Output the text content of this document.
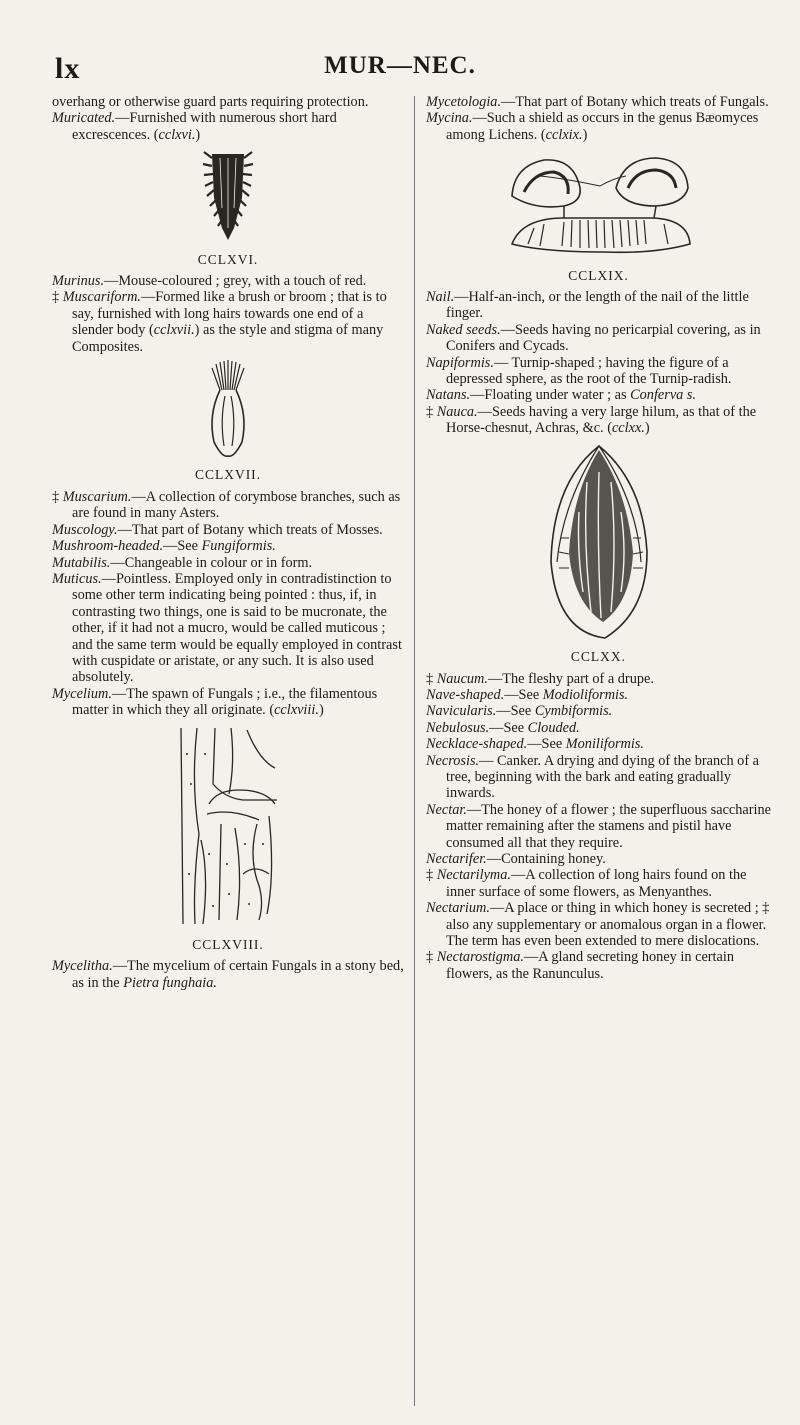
lx	MUR—NEC.

overhang or otherwise guard parts requiring protection.

Muricated.—Furnished with numerous short hard excrescences. (cclxvi.)

CCLXVI.

Murinus.—Mouse-coloured ; grey, with a touch of red.

‡ Muscariform.—Formed like a brush or broom ; that is to say, furnished with long hairs towards one end of a slender body (cclxvii.) as the style and stigma of many Composites.

CCLXVII.

‡ Muscarium.—A collection of corymbose branches, such as are found in many Asters.

Muscology.—That part of Botany which treats of Mosses.

Mushroom-headed.—See Fungiformis.

Mutabilis.—Changeable in colour or in form.

Muticus.—Pointless. Employed only in contradistinction to some other term indicating being pointed : thus, if, in contrasting two things, one is said to be mucronate, the other, if it had not a mucro, would be called muticous ; and the same term would be equally employed in contrast with cuspidate or aristate, or any such. It is also used absolutely.

Mycelium.—The spawn of Fungals ; i.e., the filamentous matter in which they all originate. (cclxviii.)

CCLXVIII.

Mycelitha.—The mycelium of certain Fungals in a stony bed, as in the Pietra funghaia.

Mycetologia.—That part of Botany which treats of Fungals.

Mycina.—Such a shield as occurs in the genus Bæomyces among Lichens. (cclxix.)

CCLXIX.

Nail.—Half-an-inch, or the length of the nail of the little finger.

Naked seeds.—Seeds having no pericarpial covering, as in Conifers and Cycads.

Napiformis.— Turnip-shaped ; having the figure of a depressed sphere, as the root of the Turnip-radish.

Natans.—Floating under water ; as Conferva s.

‡ Nauca.—Seeds having a very large hilum, as that of the Horse-chesnut, Achras, &c. (cclxx.)

CCLXX.

‡ Naucum.—The fleshy part of a drupe.

Nave-shaped.—See Modioliformis.

Navicularis.—See Cymbiformis.

Nebulosus.—See Clouded.

Necklace-shaped.—See Moniliformis.

Necrosis.— Canker. A drying and dying of the branch of a tree, beginning with the bark and eating gradually inwards.

Nectar.—The honey of a flower ; the superfluous saccharine matter remaining after the stamens and pistil have consumed all that they require.

Nectarifer.—Containing honey.

‡ Nectarilyma.—A collection of long hairs found on the inner surface of some flowers, as Menyanthes.

Nectarium.—A place or thing in which honey is secreted ; ‡ also any supplementary or anomalous organ in a flower. The term has even been extended to mere dislocations.

‡ Nectarostigma.—A gland secreting honey in certain flowers, as the Ranunculus.
